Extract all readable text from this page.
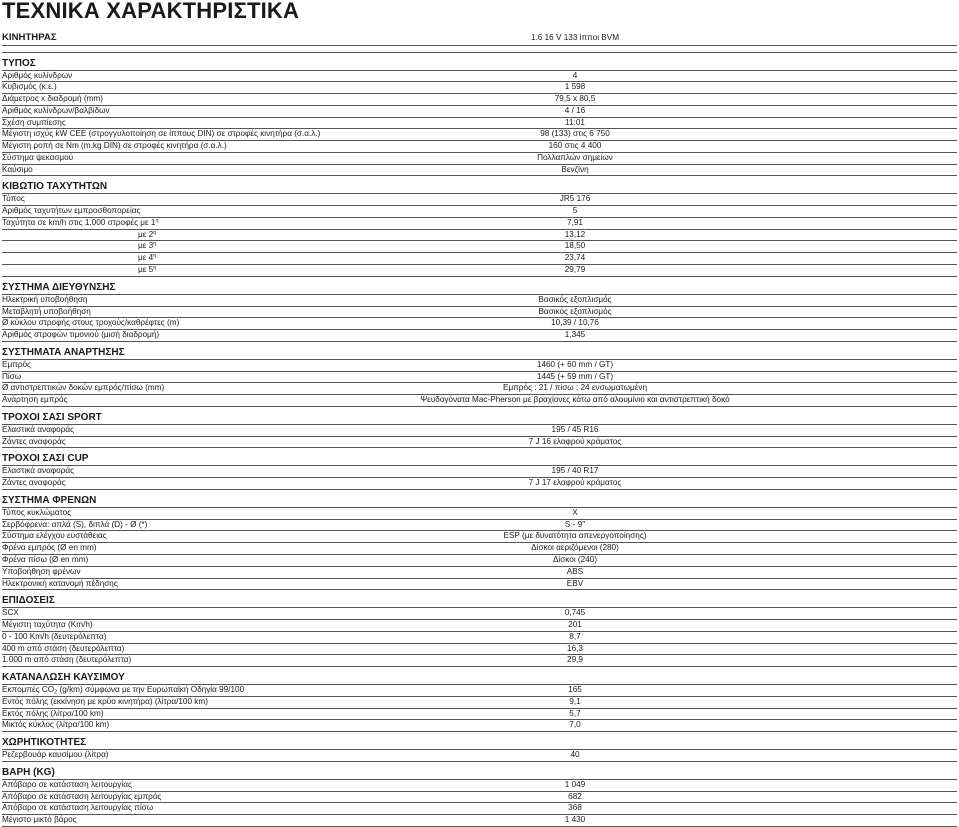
ΤΕΧΝΙΚΑ ΧΑΡΑΚΤΗΡΙΣΤΙΚΑ
ΚΙΝΗΤΗΡΑΣ	1.6 16 V 133 ίπποι BVM
ΤΥΠΟΣ
Αριθμός κυλίνδρων	4
Κυβισμός (κ.ε.)	1 598
Διάμετρος x διαδρομή (mm)	79,5 x 80,5
Αριθμός κυλίνδρων/βαλβίδων	4 / 16
Σχέση συμπίεσης	11:01
Μέγιστη ισχύς kW CEE (στρογγυλοποίηση σε ίππους DIN) σε στροφές κινητήρα (σ.α.λ.)	98 (133) στις 6 750
Μέγιστη ροπή σε Nm (m.kg DIN) σε στροφές κινητήρα (σ.α.λ.)	160 στις 4 400
Σύστημα ψεκασμού	Πολλαπλών σημείων
Καύσιμο	Βενζίνη
ΚΙΒΩΤΙΟ ΤΑΧΥΤΗΤΩΝ
Τύπος	JR5 176
Αριθμός ταχυτήτων εμπροσθοπορείας	5
Ταχύτητα σε km/h στις 1.000 στροφές με $1^\eta$	7,91
με $2^\eta$	13,12
με $3^\eta$	18,50
με $4^\eta$	23,74
με $5^\eta$	29,79
ΣΥΣΤΗΜΑ ΔΙΕΥΘΥΝΣΗΣ
Ηλεκτρική υποβοήθηση	Βασικός εξοπλισμός
Μεταβλητή υποβοήθηση	Βασικός εξοπλισμός
Ø κύκλου στροφής στους τροχούς/καθρέφτες (m)	10,39 / 10,76
Αριθμός στροφών τιμονιού (μισή διαδρομή)	1,345
ΣΥΣΤΗΜΑΤΑ ΑΝΑΡΤΗΣΗΣ
Εμπρός	1460 (+ 60 mm / GT)
Πίσω	1445 (+ 59 mm / GT)
Ø αντιστρεπτικών δοκών εμπρός/πίσω (mm)	Εμπρός : 21 / πίσω : 24 ενσωματωμένη
Ανάρτηση εμπρός	Ψευδογόνατα Mac-Pherson με βραχίονες κάτω από αλουμίνιο και αντιστρεπτική δοκό
ΤΡΟΧΟΙ ΣΑΣΙ SPORT
Ελαστικά αναφοράς	195 / 45 R16
Ζάντες αναφοράς	7 J 16 ελαφρού κράματος
ΤΡΟΧΟΙ ΣΑΣΙ CUP
Ελαστικά αναφοράς	195 / 40 R17
Ζάντες αναφοράς	7 J 17 ελαφρού κράματος
ΣΥΣΤΗΜΑ ΦΡΕΝΩΝ
Τύπος κυκλώματος	X
Σερβόφρενα: απλά (S), διπλά (D) - Ø (*)	S - 9"
Σύστημα ελέγχου ευστάθειας	ESP (με δυνατότητα απενεργοποίησης)
Φρένα εμπρός (Ø en mm)	Δίσκοι αεριζόμενοι (280)
Φρένα πίσω (Ø en mm)	Δίσκοι (240)
Υποβοήθηση φρένων	ABS
Ηλεκτρονική κατανομή πέδησης	EBV
ΕΠΙΔΟΣΕΙΣ
SCX	0,745
Μέγιστη ταχύτητα (Km/h)	201
0 - 100 Km/h (δευτερόλεπτα)	8,7
400 m από στάση (δευτερόλεπτα)	16,3
1.000 m από στάση (δευτερόλεπτα)	29,9
ΚΑΤΑΝΑΛΩΣΗ ΚΑΥΣΙΜΟΥ
Εκπομπές $CO_2$ (g/km) σύμφωνα με την Ευρωπαϊκή Οδηγία 99/100	165
Εντός πόλης (εκκίνηση με κρύο κινητήρα) (λίτρα/100 km)	9,1
Εκτός πόλης (λίτρα/100 km)	5,7
Μικτός κύκλος (λίτρα/100 km)	7,0
ΧΩΡΗΤΙΚΟΤΗΤΕΣ
Ρεζερβουάρ καυσίμου (λίτρα)	40
ΒΑΡΗ (KG)
Απόβαρο σε κατάσταση λειτουργίας	1 049
Απόβαρο σε κατάσταση λειτουργίας εμπρός	682
Απόβαρο σε κατάσταση λειτουργίας πίσω	368
Μέγιστο μικτό βάρος	1 430
